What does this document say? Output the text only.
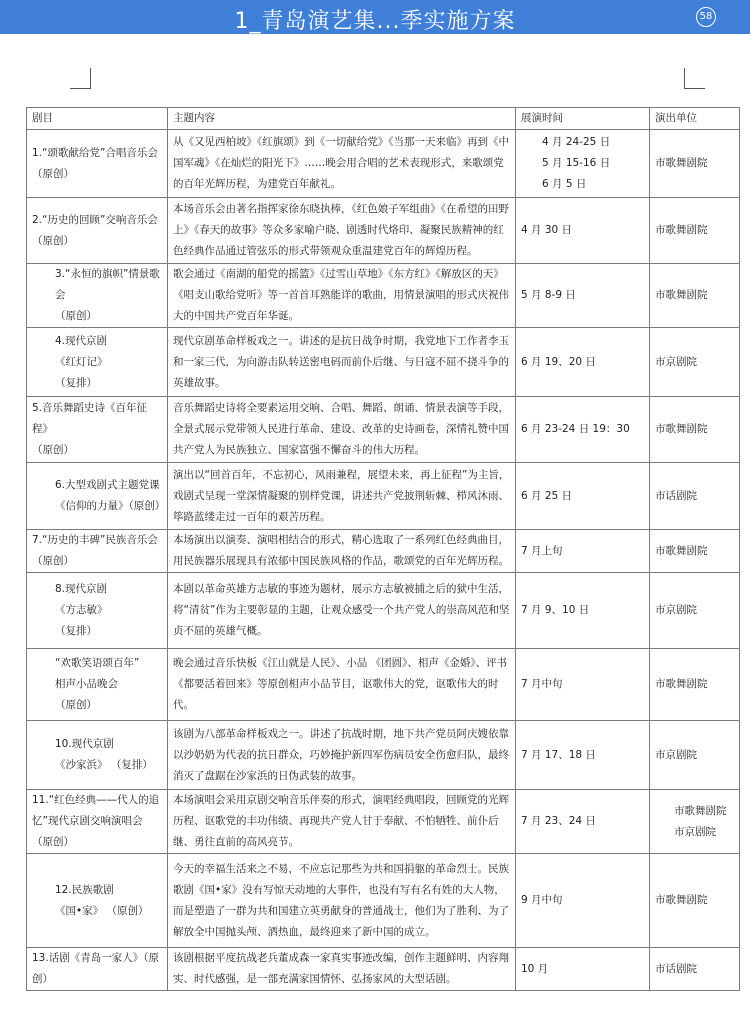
1_青岛演艺集...季实施方案	58
剧目	主题内容	展演时间	演出单位

1.“颂歌献给党”合唱音乐会
（原创）	从《又见西柏坡》《红旗颂》到《一切献给党》《当那一天来临》再到《中国军魂》《在灿烂的阳光下》……晚会用合唱的艺术表现形式，来歌颂党的百年光辉历程，为建党百年献礼。	4 月 24-25 日
5 月 15-16 日
6 月 5 日	市歌舞剧院

2.“历史的回顾”交响音乐会
（原创）	本场音乐会由著名指挥家徐东晓执棒，《红色娘子军组曲》《在希望的田野上》《春天的故事》等众多家喻户晓、剧透时代烙印、凝聚民族精神的红色经典作品通过管弦乐的形式带领观众重温建党百年的辉煌历程。	4 月 30 日	市歌舞剧院

3.“永恒的旗帜”情景歌会
（原创）	歌会通过《南湖的船党的摇篮》《过雪山草地》《东方红》《解放区的天》《唱支山歌给党听》等一首首耳熟能详的歌曲，用情景演唱的形式庆祝伟大的中国共产党百年华诞。	5 月 8-9 日	市歌舞剧院

4.现代京剧
《红灯记》
（复排）	现代京剧革命样板戏之一。讲述的是抗日战争时期，我党地下工作者李玉和一家三代，为向游击队转送密电码而前仆后继、与日寇不屈不挠斗争的英雄故事。	6 月 19、20 日	市京剧院

5.音乐舞蹈史诗《百年征程》
（原创）	音乐舞蹈史诗将全要素运用交响、合唱、舞蹈、朗诵、情景表演等手段，全景式展示党带领人民进行革命、建设、改革的史诗画卷，深情礼赞中国共产党人为民族独立、国家富强不懈奋斗的伟大历程。	6 月 23-24 日 19：30	市歌舞剧院

6.大型戏剧式主题党课
《信仰的力量》（原创）	演出以“回首百年，不忘初心，风雨兼程，展望未来，再上征程”为主旨，戏剧式呈现一堂深情凝聚的别样党课，讲述共产党披荆斩棘、栉风沐雨、筚路蓝缕走过一百年的艰苦历程。	6 月 25 日	市话剧院

7.“历史的丰碑”民族音乐会
（原创）	本场演出以演奏、演唱相结合的形式，精心选取了一系列红色经典曲目，用民族器乐展现具有浓郁中国民族风格的作品，歌颂党的百年光辉历程。	7 月上旬	市歌舞剧院

8.现代京剧
《方志敏》
（复排）	本剧以革命英雄方志敏的事迹为题材，展示方志敏被捕之后的狱中生活，将“清贫”作为主要彰显的主题，让观众感受一个共产党人的崇高风范和坚贞不屈的英雄气概。	7 月 9、10 日	市京剧院

“欢歌笑语颂百年”
相声小品晚会
（原创）	晚会通过音乐快板《江山就是人民》、小品 《团圆》、相声《金婚》、评书《都要活着回来》等原创相声小品节目，讴歌伟大的党，讴歌伟大的时代。	7 月中旬	市歌舞剧院

10.现代京剧
《沙家浜》 （复排）	该剧为八部革命样板戏之一。讲述了抗战时期，地下共产党员阿庆嫂依靠以沙奶奶为代表的抗日群众，巧妙掩护新四军伤病员安全伤愈归队，最终消灭了盘踞在沙家浜的日伪武装的故事。	7 月 17、18 日	市京剧院

11.“红色经典——代人的追忆”现代京剧交响演唱会（原创）	本场演唱会采用京剧交响音乐伴奏的形式，演唱经典唱段，回顾党的光辉历程、讴歌党的丰功伟绩、再现共产党人甘于奉献、不怕牺牲、前仆后继、勇往直前的高风亮节。	7 月 23、24 日	市歌舞剧院
市京剧院

12.民族歌剧
《国•家》 （原创）	今天的幸福生活来之不易，不应忘记那些为共和国捐躯的革命烈士。民族歌剧《国•家》没有写惊天动地的大事件，也没有写有名有姓的大人物，而是塑造了一群为共和国建立英勇献身的普通战士，他们为了胜利、为了解放全中国抛头颅、洒热血，最终迎来了新中国的成立。	9 月中旬	市歌舞剧院

13.话剧《青岛一家人》（原创）	该剧根据平度抗战老兵董成森一家真实事迹改编，创作主题鲜明、内容翔实、时代感强，是一部充满家国情怀、弘扬家风的大型话剧。	10 月	市话剧院
